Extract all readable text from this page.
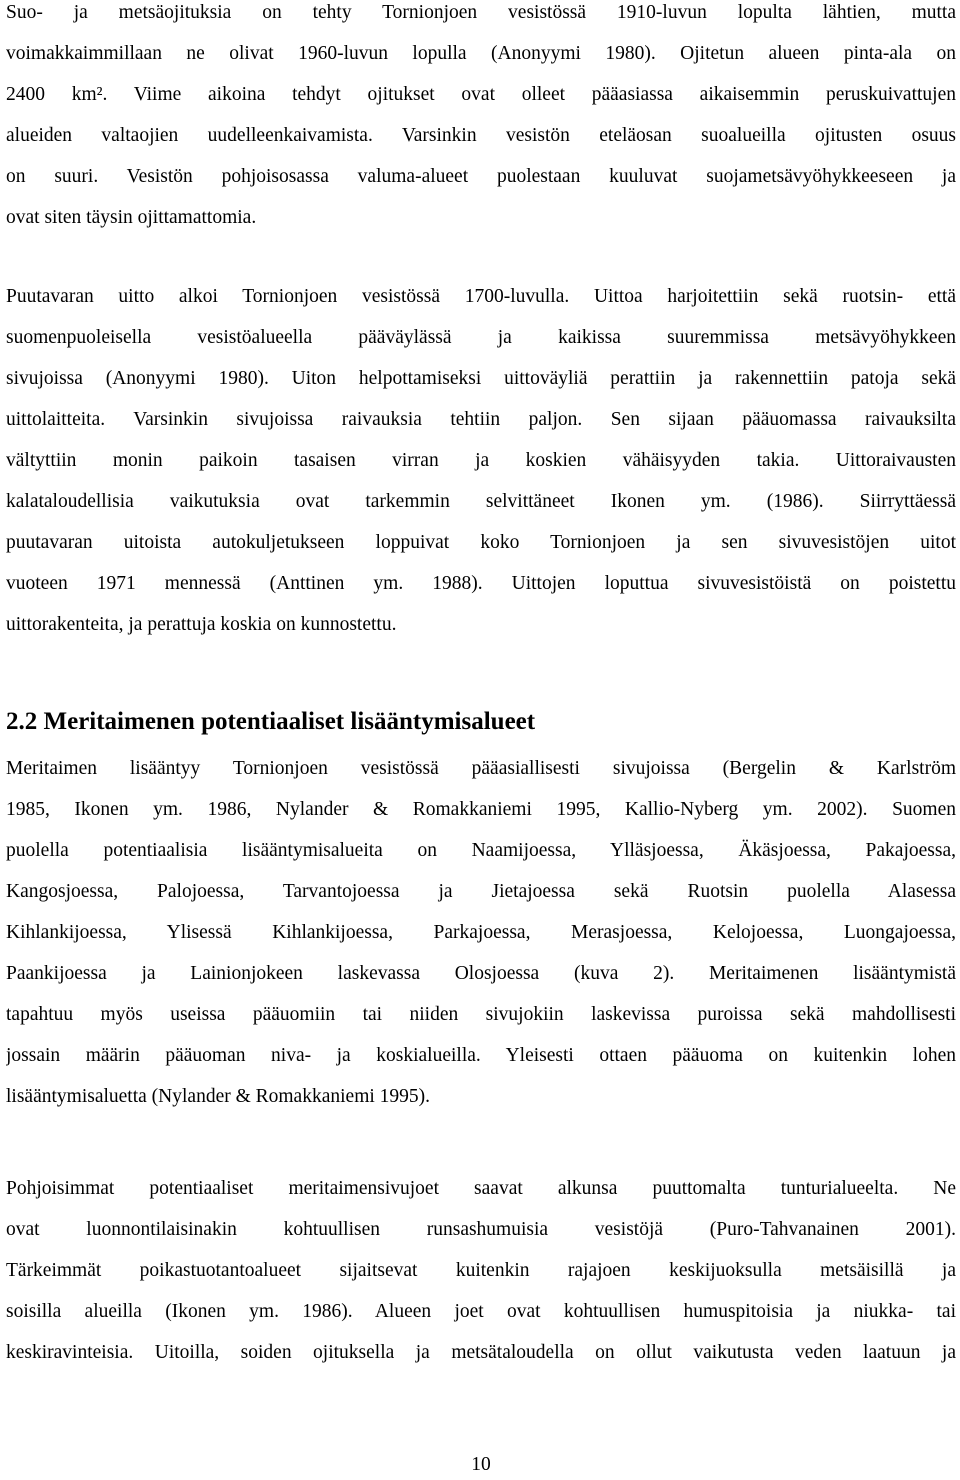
Suo- ja metsäojituksia on tehty Tornionjoen vesistössä 1910-luvun lopulta lähtien, mutta
voimakkaimmillaan ne olivat 1960-luvun lopulla (Anonyymi 1980). Ojitetun alueen pinta-ala on
2400 km². Viime aikoina tehdyt ojitukset ovat olleet pääasiassa aikaisemmin peruskuivattujen
alueiden valtaojien uudelleenkaivamista. Varsinkin vesistön eteläosan suoalueilla ojitusten osuus
on suuri. Vesistön pohjoisosassa valuma-alueet puolestaan kuuluvat suojametsävyöhykkeeseen ja
ovat siten täysin ojittamattomia.
Puutavaran uitto alkoi Tornionjoen vesistössä 1700-luvulla. Uittoa harjoitettiin sekä ruotsin- että
suomenpuoleisella vesistöalueella pääväylässä ja kaikissa suuremmissa metsävyöhykkeen
sivujoissa (Anonyymi 1980). Uiton helpottamiseksi uittoväyliä perattiin ja rakennettiin patoja sekä
uittolaitteita. Varsinkin sivujoissa raivauksia tehtiin paljon. Sen sijaan pääuomassa raivauksilta
vältyttiin monin paikoin tasaisen virran ja koskien vähäisyyden takia. Uittoraivausten
kalataloudellisia vaikutuksia ovat tarkemmin selvittäneet Ikonen ym. (1986). Siirryttäessä
puutavaran uitoista autokuljetukseen loppuivat koko Tornionjoen ja sen sivuvesistöjen uitot
vuoteen 1971 mennessä (Anttinen ym. 1988). Uittojen loputtua sivuvesistöistä on poistettu
uittorakenteita, ja perattuja koskia on kunnostettu.
2.2 Meritaimenen potentiaaliset lisääntymisalueet
Meritaimen lisääntyy Tornionjoen vesistössä pääasiallisesti sivujoissa (Bergelin & Karlström
1985, Ikonen ym. 1986, Nylander & Romakkaniemi 1995, Kallio-Nyberg ym. 2002). Suomen
puolella potentiaalisia lisääntymisalueita on Naamijoessa, Ylläsjoessa, Äkäsjoessa, Pakajoessa,
Kangosjoessa, Palojoessa, Tarvantojoessa ja Jietajoessa sekä Ruotsin puolella Alasessa
Kihlankijoessa, Ylisessä Kihlankijoessa, Parkajoessa, Merasjoessa, Kelojoessa, Luongajoessa,
Paankijoessa ja Lainionjokeen laskevassa Olosjoessa (kuva 2). Meritaimenen lisääntymistä
tapahtuu myös useissa pääuomiin tai niiden sivujokiin laskevissa puroissa sekä mahdollisesti
jossain määrin pääuoman niva- ja koskialueilla. Yleisesti ottaen pääuoma on kuitenkin lohen
lisääntymisaluetta (Nylander & Romakkaniemi 1995).
Pohjoisimmat potentiaaliset meritaimensivujoet saavat alkunsa puuttomalta tunturialueelta. Ne
ovat luonnontilaisinakin kohtuullisen runsashumuisia vesistöjä (Puro-Tahvanainen 2001).
Tärkeimmät poikastuotantoalueet sijaitsevat kuitenkin rajajoen keskijuoksulla metsäisillä ja
soisilla alueilla (Ikonen ym. 1986). Alueen joet ovat kohtuullisen humuspitoisia ja niukka- tai
keskiravinteisia. Uitoilla, soiden ojituksella ja metsätaloudella on ollut vaikutusta veden laatuun ja
10
